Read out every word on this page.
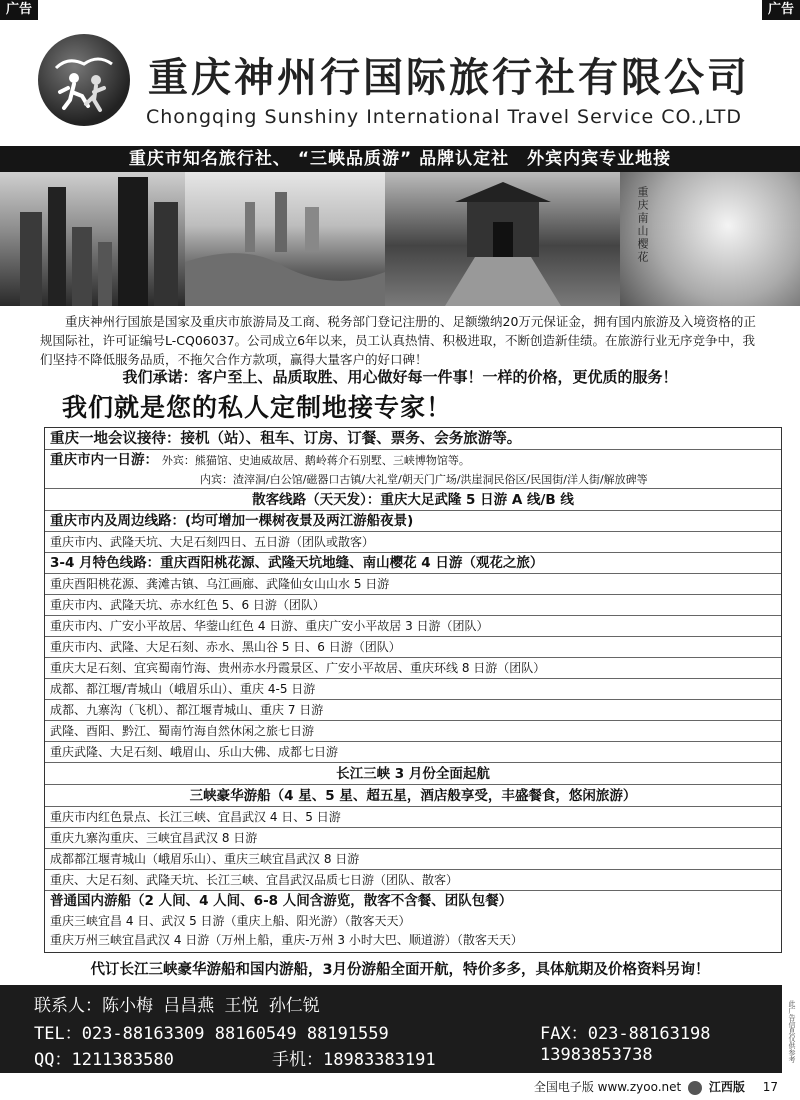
广告	广告
重庆神州行国际旅行社有限公司
Chongqing Sunshiny International Travel Service CO.,LTD
重庆市知名旅行社、 “三峡品质游” 品牌认定社　外宾内宾专业地接
重庆南山樱花
重庆神州行国旅是国家及重庆市旅游局及工商、税务部门登记注册的、足额缴纳20万元保证金，拥有国内旅游及入境资格的正规国际社，许可证编号L-CQ06037。公司成立6年以来，员工认真热情、积极进取，不断创造新佳绩。在旅游行业无序竞争中，我们坚持不降低服务品质，不拖欠合作方款项，赢得大量客户的好口碑！
我们承诺：客户至上、品质取胜、用心做好每一件事！一样的价格，更优质的服务！
我们就是您的私人定制地接专家！
重庆一地会议接待：接机（站）、租车、订房、订餐、票务、会务旅游等。
重庆市内一日游： 外宾：熊猫馆、史迪威故居、鹅岭蒋介石别墅、三峡博物馆等。
内宾：渣滓洞/白公馆/磁器口古镇/大礼堂/朝天门广场/洪崖洞民俗区/民国街/洋人街/解放碑等
散客线路（天天发）：重庆大足武隆 5 日游 A 线/B 线
重庆市内及周边线路：(均可增加一棵树夜景及两江游船夜景)
重庆市内、武隆天坑、大足石刻四日、五日游（团队或散客）
3-4 月特色线路：重庆酉阳桃花源、武隆天坑地缝、南山樱花 4 日游（观花之旅）
重庆酉阳桃花源、龚滩古镇、乌江画廊、武隆仙女山山水 5 日游
重庆市内、武隆天坑、赤水红色 5、6 日游（团队）
重庆市内、广安小平故居、华蓥山红色 4 日游、重庆广安小平故居 3 日游（团队）
重庆市内、武隆、大足石刻、赤水、黑山谷 5 日、6 日游（团队）
重庆大足石刻、宜宾蜀南竹海、贵州赤水丹霞景区、广安小平故居、重庆环线 8 日游（团队）
成都、都江堰/青城山（峨眉乐山）、重庆 4-5 日游
成都、九寨沟（飞机）、都江堰青城山、重庆 7 日游
武隆、酉阳、黔江、蜀南竹海自然休闲之旅七日游
重庆武隆、大足石刻、峨眉山、乐山大佛、成都七日游
长江三峡 3 月份全面起航
三峡豪华游船（4 星、5 星、超五星，酒店般享受，丰盛餐食，悠闲旅游）
重庆市内红色景点、长江三峡、宜昌武汉 4 日、5 日游
重庆九寨沟重庆、三峡宜昌武汉 8 日游
成都都江堰青城山（峨眉乐山）、重庆三峡宜昌武汉 8 日游
重庆、大足石刻、武隆天坑、长江三峡、宜昌武汉品质七日游（团队、散客）
普通国内游船（2 人间、4 人间、6-8 人间含游览，散客不含餐、团队包餐）
重庆三峡宜昌 4 日、武汉 5 日游（重庆上船、阳光游）（散客天天）
重庆万州三峡宜昌武汉 4 日游（万州上船，重庆-万州 3 小时大巴、顺道游）（散客天天）
代订长江三峡豪华游船和国内游船，3月份游船全面开航，特价多多，具体航期及价格资料另询！
联系人：陈小梅 吕昌燕 王悦 孙仁锐
TEL：023-88163309 88160549 88191559	FAX：023-88163198
QQ：1211383580	手机：18983383191	13983853738	此广告信息仅供参考
全国电子版 www.zyoo.net 江西版 17
